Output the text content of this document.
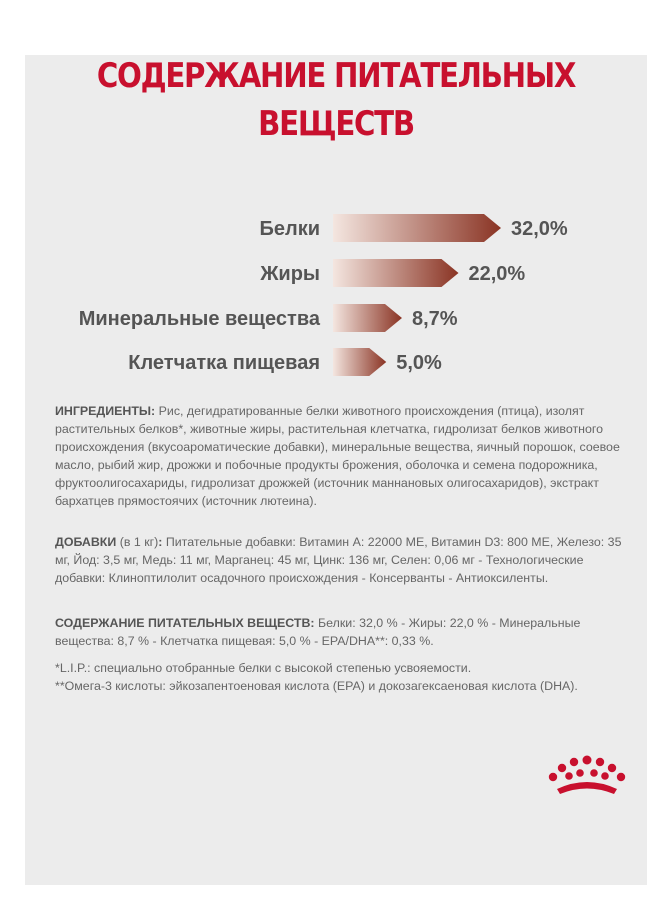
СОДЕРЖАНИЕ ПИТАТЕЛЬНЫХ
ВЕЩЕСТВ
Белки	32,0%
Жиры	22,0%
Минеральные вещества	8,7%
Клетчатка пищевая	5,0%

ИНГРЕДИЕНТЫ: Рис, дегидратированные белки животного происхождения (птица), изолят растительных белков*, животные жиры, растительная клетчатка, гидролизат белков животного происхождения (вкусоароматические добавки), минеральные вещества, яичный порошок, соевое масло, рыбий жир, дрожжи и побочные продукты брожения, оболочка и семена подорожника, фруктоолигосахариды, гидролизат дрожжей (источник маннановых олигосахаридов), экстракт бархатцев прямостоячих (источник лютеина).

ДОБАВКИ (в 1 кг): Питательные добавки: Витамин А: 22000 МЕ, Витамин D3: 800 МЕ, Железо: 35 мг, Йод: 3,5 мг, Медь: 11 мг, Марганец: 45 мг, Цинк: 136 мг, Селен: 0,06 мг - Технологические добавки: Клиноптилолит осадочного происхождения - Консерванты - Антиоксиленты.

СОДЕРЖАНИЕ ПИТАТЕЛЬНЫХ ВЕЩЕСТВ: Белки: 32,0 % - Жиры: 22,0 % - Минеральные вещества: 8,7 % - Клетчатка пищевая: 5,0 % - EPA/DHA**: 0,33 %.

*L.I.P.: специально отобранные белки с высокой степенью усвояемости.
**Омега-3 кислоты: эйкозапентоеновая кислота (EPA) и докозагексаеновая кислота (DHA).
